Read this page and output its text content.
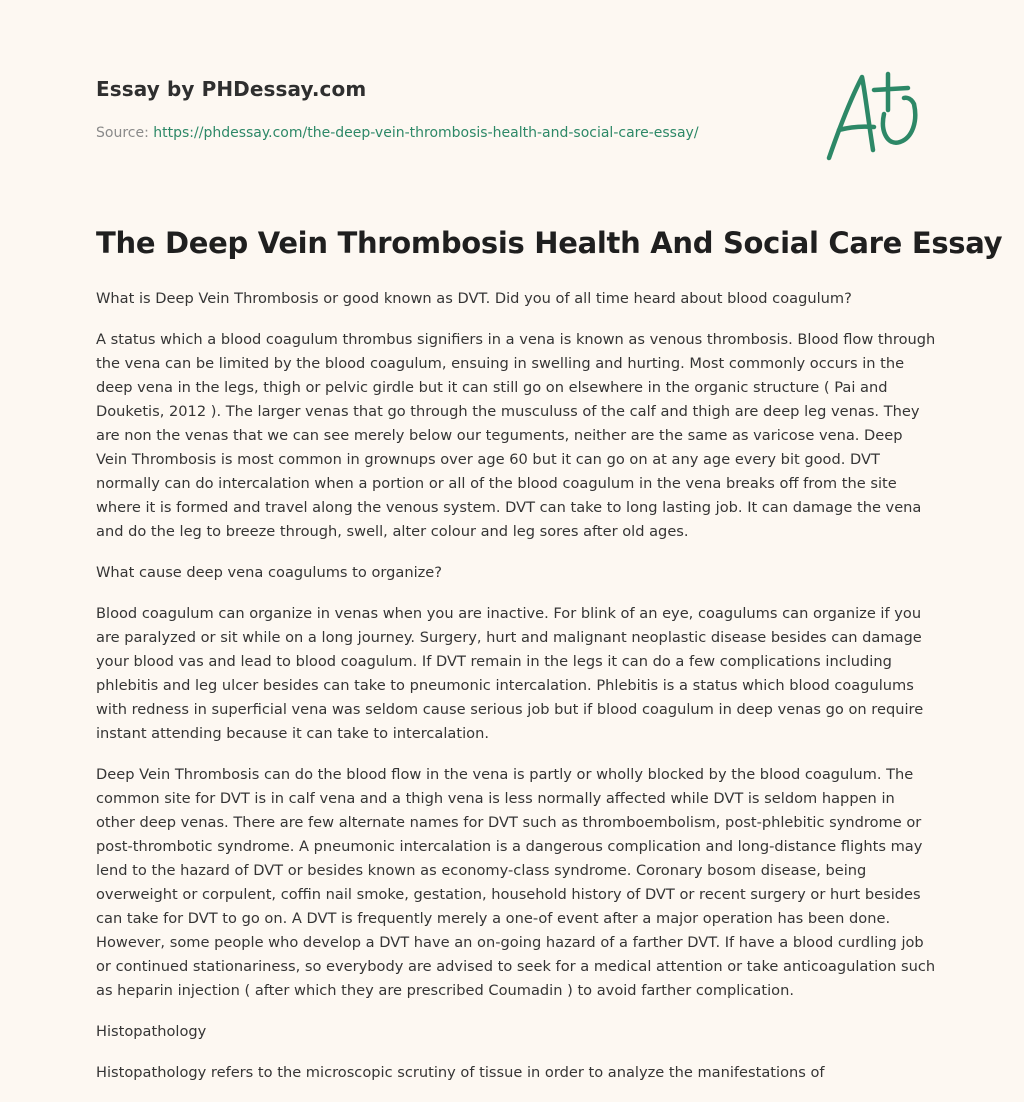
Essay by PHDessay.com
Source: https://phdessay.com/the-deep-vein-thrombosis-health-and-social-care-essay/
The Deep Vein Thrombosis Health And Social Care Essay

What is Deep Vein Thrombosis or good known as DVT. Did you of all time heard about blood coagulum?

A status which a blood coagulum thrombus signifiers in a vena is known as venous thrombosis. Blood flow through the vena can be limited by the blood coagulum, ensuing in swelling and hurting. Most commonly occurs in the deep vena in the legs, thigh or pelvic girdle but it can still go on elsewhere in the organic structure ( Pai and Douketis, 2012 ). The larger venas that go through the musculuss of the calf and thigh are deep leg venas. They are non the venas that we can see merely below our teguments, neither are the same as varicose vena. Deep Vein Thrombosis is most common in grownups over age 60 but it can go on at any age every bit good. DVT normally can do intercalation when a portion or all of the blood coagulum in the vena breaks off from the site where it is formed and travel along the venous system. DVT can take to long lasting job. It can damage the vena and do the leg to breeze through, swell, alter colour and leg sores after old ages.

What cause deep vena coagulums to organize?

Blood coagulum can organize in venas when you are inactive. For blink of an eye, coagulums can organize if you are paralyzed or sit while on a long journey. Surgery, hurt and malignant neoplastic disease besides can damage your blood vas and lead to blood coagulum. If DVT remain in the legs it can do a few complications including phlebitis and leg ulcer besides can take to pneumonic intercalation. Phlebitis is a status which blood coagulums with redness in superficial vena was seldom cause serious job but if blood coagulum in deep venas go on require instant attending because it can take to intercalation.

Deep Vein Thrombosis can do the blood flow in the vena is partly or wholly blocked by the blood coagulum. The common site for DVT is in calf vena and a thigh vena is less normally affected while DVT is seldom happen in other deep venas. There are few alternate names for DVT such as thromboembolism, post-phlebitic syndrome or post-thrombotic syndrome. A pneumonic intercalation is a dangerous complication and long-distance flights may lend to the hazard of DVT or besides known as economy-class syndrome. Coronary bosom disease, being overweight or corpulent, coffin nail smoke, gestation, household history of DVT or recent surgery or hurt besides can take for DVT to go on. A DVT is frequently merely a one-of event after a major operation has been done. However, some people who develop a DVT have an on-going hazard of a farther DVT. If have a blood curdling job or continued stationariness, so everybody are advised to seek for a medical attention or take anticoagulation such as heparin injection ( after which they are prescribed Coumadin ) to avoid farther complication.

Histopathology

Histopathology refers to the microscopic scrutiny of tissue in order to analyze the manifestations of
